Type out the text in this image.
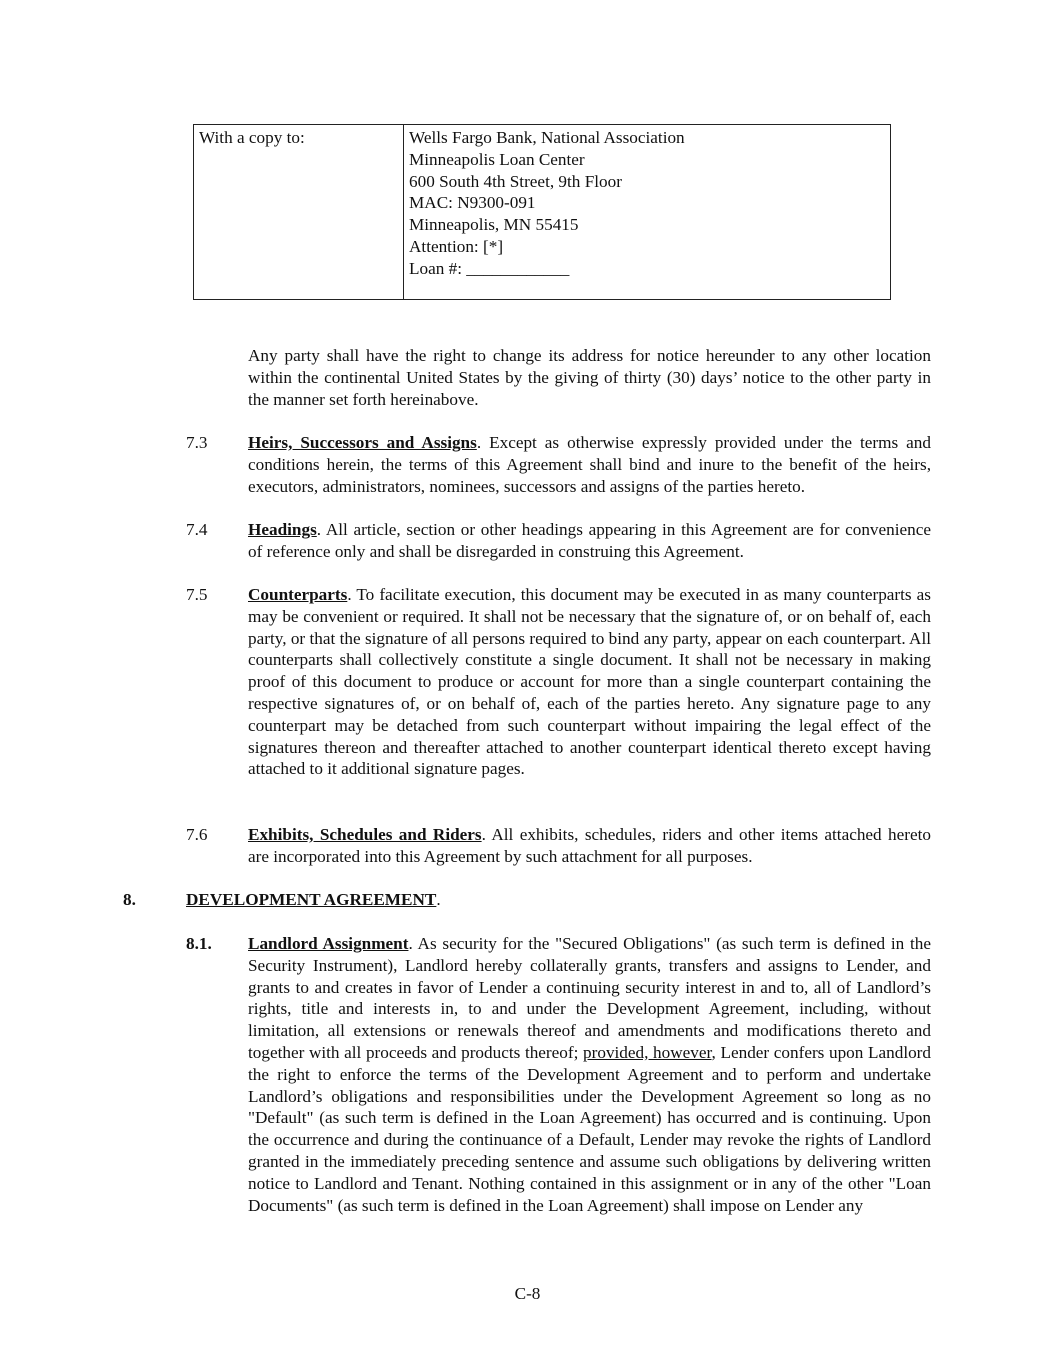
With a copy to:	Wells Fargo Bank, National Association
Minneapolis Loan Center
600 South 4th Street, 9th Floor
MAC: N9300-091
Minneapolis, MN 55415
Attention: [*]
Loan #: ____________

Any party shall have the right to change its address for notice hereunder to any other location within the continental United States by the giving of thirty (30) days’ notice to the other party in the manner set forth hereinabove.

7.3 Heirs, Successors and Assigns. Except as otherwise expressly provided under the terms and conditions herein, the terms of this Agreement shall bind and inure to the benefit of the heirs, executors, administrators, nominees, successors and assigns of the parties hereto.

7.4 Headings. All article, section or other headings appearing in this Agreement are for convenience of reference only and shall be disregarded in construing this Agreement.

7.5 Counterparts. To facilitate execution, this document may be executed in as many counterparts as may be convenient or required. It shall not be necessary that the signature of, or on behalf of, each party, or that the signature of all persons required to bind any party, appear on each counterpart. All counterparts shall collectively constitute a single document. It shall not be necessary in making proof of this document to produce or account for more than a single counterpart containing the respective signatures of, or on behalf of, each of the parties hereto. Any signature page to any counterpart may be detached from such counterpart without impairing the legal effect of the signatures thereon and thereafter attached to another counterpart identical thereto except having attached to it additional signature pages.

7.6 Exhibits, Schedules and Riders. All exhibits, schedules, riders and other items attached hereto are incorporated into this Agreement by such attachment for all purposes.

8.	DEVELOPMENT AGREEMENT.
8.1. Landlord Assignment. As security for the "Secured Obligations" (as such term is defined in the Security Instrument), Landlord hereby collaterally grants, transfers and assigns to Lender, and grants to and creates in favor of Lender a continuing security interest in and to, all of Landlord’s rights, title and interests in, to and under the Development Agreement, including, without limitation, all extensions or renewals thereof and amendments and modifications thereto and together with all proceeds and products thereof; provided, however, Lender confers upon Landlord the right to enforce the terms of the Development Agreement and to perform and undertake Landlord’s obligations and responsibilities under the Development Agreement so long as no "Default" (as such term is defined in the Loan Agreement) has occurred and is continuing. Upon the occurrence and during the continuance of a Default, Lender may revoke the rights of Landlord granted in the immediately preceding sentence and assume such obligations by delivering written notice to Landlord and Tenant. Nothing contained in this assignment or in any of the other "Loan Documents" (as such term is defined in the Loan Agreement) shall impose on Lender any

C-8
